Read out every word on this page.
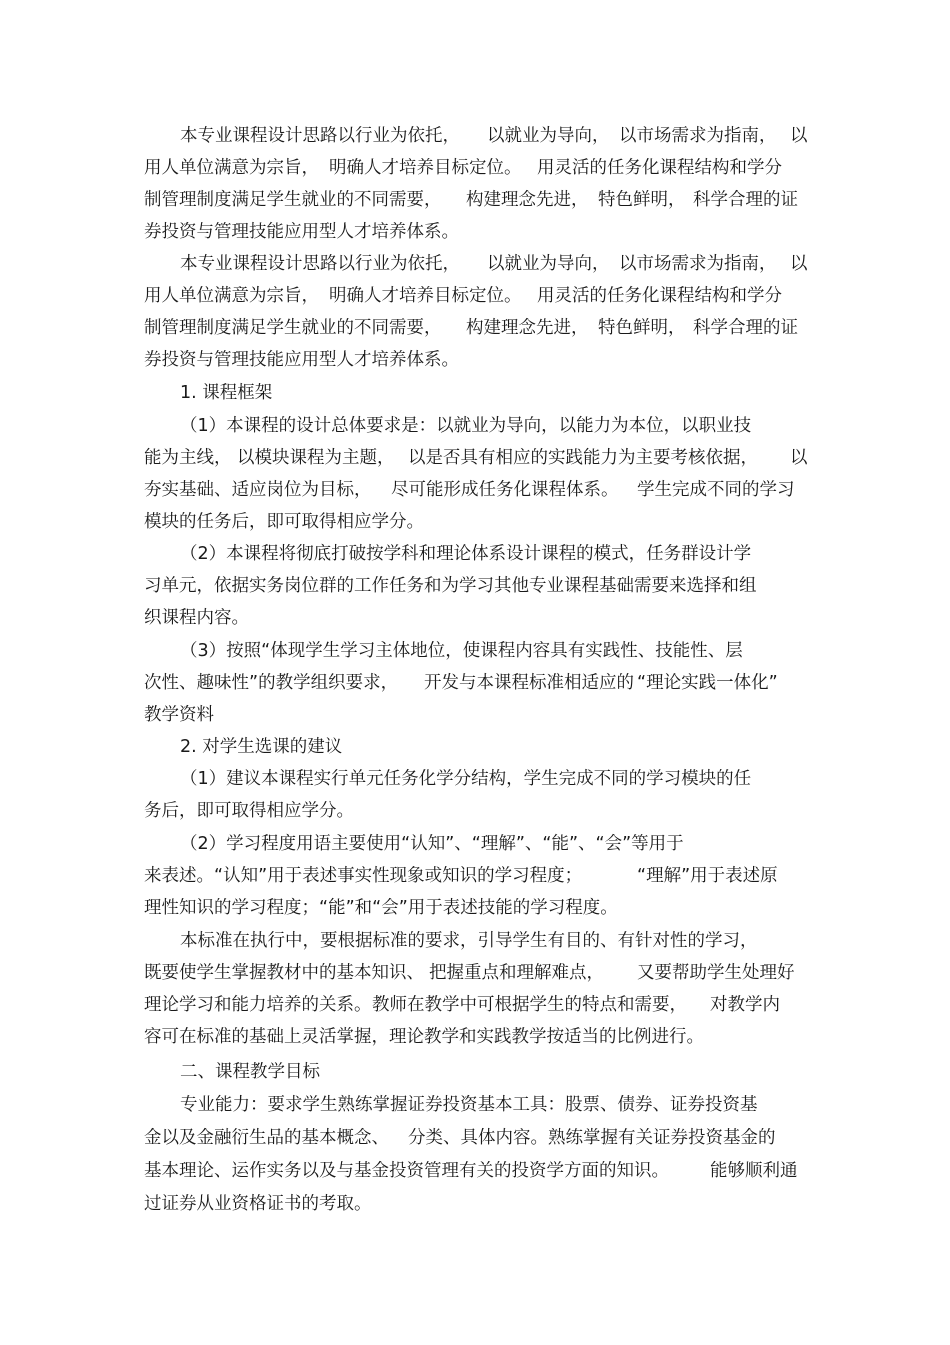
本专业课程设计思路以行业为依托， 以就业为导向， 以市场需求为指南， 以
用人单位满意为宗旨， 明确人才培养目标定位。 用灵活的任务化课程结构和学分
制管理制度满足学生就业的不同需要， 构建理念先进， 特色鲜明， 科学合理的证
券投资与管理技能应用型人才培养体系。
本专业课程设计思路以行业为依托， 以就业为导向， 以市场需求为指南， 以
用人单位满意为宗旨， 明确人才培养目标定位。 用灵活的任务化课程结构和学分
制管理制度满足学生就业的不同需要， 构建理念先进， 特色鲜明， 科学合理的证
券投资与管理技能应用型人才培养体系。
1. 课程框架
（1）本课程的设计总体要求是：以就业为导向，以能力为本位，以职业技
能为主线， 以模块课程为主题， 以是否具有相应的实践能力为主要考核依据， 以
夯实基础、适应岗位为目标， 尽可能形成任务化课程体系。 学生完成不同的学习
模块的任务后，即可取得相应学分。
（2）本课程将彻底打破按学科和理论体系设计课程的模式，任务群设计学
习单元，依据实务岗位群的工作任务和为学习其他专业课程基础需要来选择和组
织课程内容。
（3）按照“体现学生学习主体地位，使课程内容具有实践性、技能性、层
次性、趣味性”的教学组织要求， 开发与本课程标准相适应的 “理论实践一体化”
教学资料
2. 对学生选课的建议
（1）建议本课程实行单元任务化学分结构，学生完成不同的学习模块的任
务后，即可取得相应学分。
（2）学习程度用语主要使用“认知”、“理解”、“能”、“会”等用于
来表述。“认知”用于表述事实性现象或知识的学习程度；	“理解”用于表述原
理性知识的学习程度；“能”和“会”用于表述技能的学习程度。
本标准在执行中，要根据标准的要求，引导学生有目的、有针对性的学习，
既要使学生掌握教材中的基本知识、 把握重点和理解难点， 又要帮助学生处理好
理论学习和能力培养的关系。 教师在教学中可根据学生的特点和需要， 对教学内
容可在标准的基础上灵活掌握，理论教学和实践教学按适当的比例进行。
二、课程教学目标
专业能力：要求学生熟练掌握证券投资基本工具：股票、债券、证券投资基
金以及金融衍生品的基本概念、 分类、具体内容。熟练掌握有关证券投资基金的
基本理论、运作实务以及与基金投资管理有关的投资学方面的知识。 能够顺利通
过证券从业资格证书的考取。
